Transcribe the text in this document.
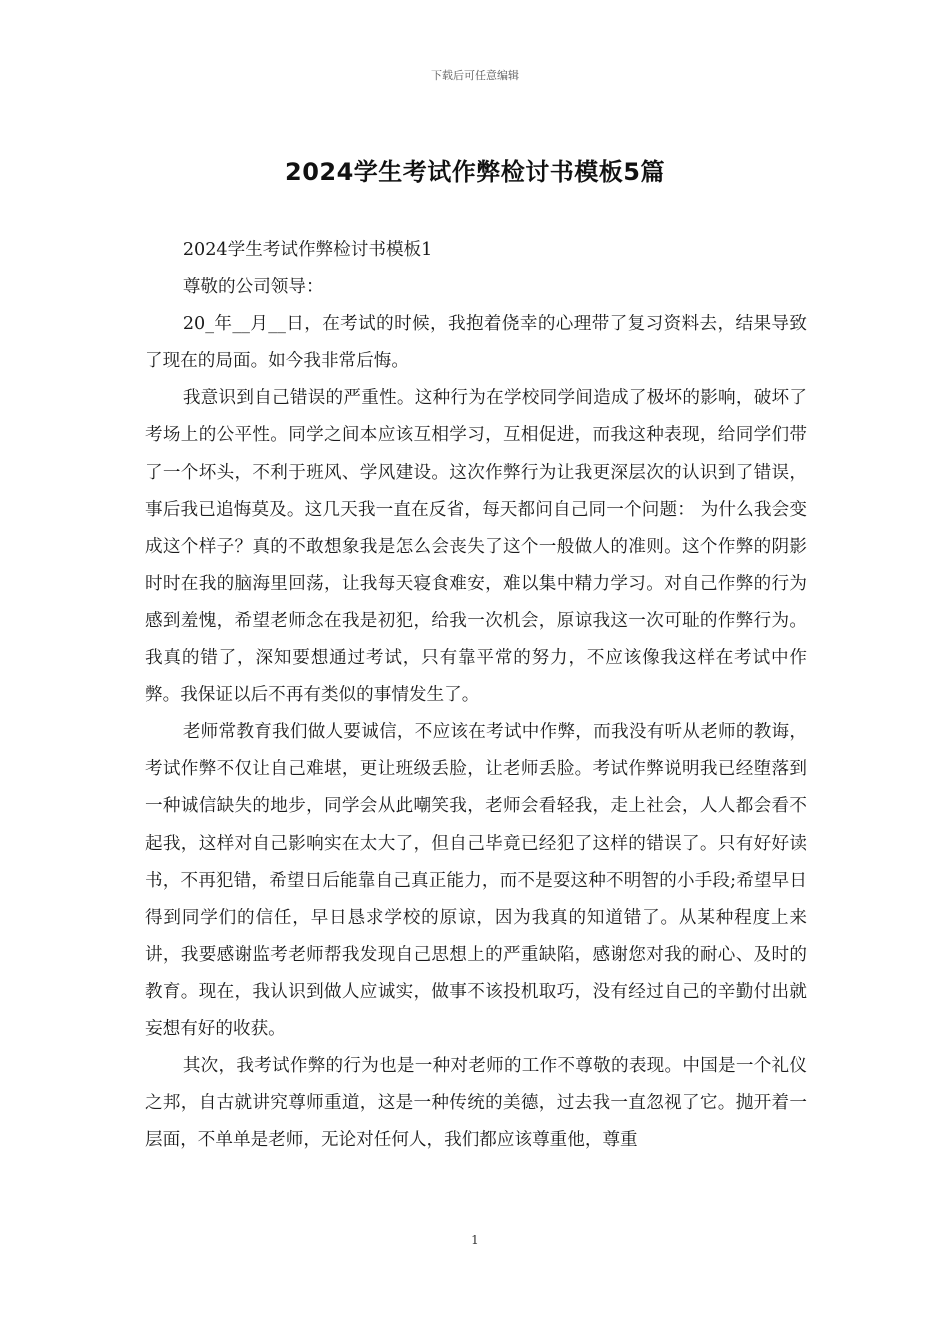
下载后可任意编辑
2024学生考试作弊检讨书模板5篇

2024学生考试作弊检讨书模板1

尊敬的公司领导：

20_年__月__日，在考试的时候，我抱着侥幸的心理带了复习资料去，结果导致了现在的局面。如今我非常后悔。

我意识到自己错误的严重性。这种行为在学校同学间造成了极坏的影响，破坏了考场上的公平性。同学之间本应该互相学习，互相促进，而我这种表现，给同学们带了一个坏头，不利于班风、学风建设。这次作弊行为让我更深层次的认识到了错误，事后我已追悔莫及。这几天我一直在反省，每天都问自己同一个问题： 为什么我会变成这个样子？真的不敢想象我是怎么会丧失了这个一般做人的准则。这个作弊的阴影时时在我的脑海里回荡，让我每天寝食难安，难以集中精力学习。对自己作弊的行为感到羞愧，希望老师念在我是初犯，给我一次机会，原谅我这一次可耻的作弊行为。我真的错了，深知要想通过考试，只有靠平常的努力，不应该像我这样在考试中作弊。我保证以后不再有类似的事情发生了。

老师常教育我们做人要诚信，不应该在考试中作弊，而我没有听从老师的教诲，考试作弊不仅让自己难堪，更让班级丢脸，让老师丢脸。考试作弊说明我已经堕落到一种诚信缺失的地步，同学会从此嘲笑我，老师会看轻我，走上社会，人人都会看不起我，这样对自己影响实在太大了，但自己毕竟已经犯了这样的错误了。只有好好读书，不再犯错，希望日后能靠自己真正能力，而不是耍这种不明智的小手段;希望早日得到同学们的信任，早日恳求学校的原谅，因为我真的知道错了。从某种程度上来讲，我要感谢监考老师帮我发现自己思想上的严重缺陷，感谢您对我的耐心、及时的教育。现在，我认识到做人应诚实，做事不该投机取巧，没有经过自己的辛勤付出就妄想有好的收获。

其次，我考试作弊的行为也是一种对老师的工作不尊敬的表现。中国是一个礼仪之邦，自古就讲究尊师重道，这是一种传统的美德，过去我一直忽视了它。抛开着一层面，不单单是老师，无论对任何人，我们都应该尊重他，尊重

1
